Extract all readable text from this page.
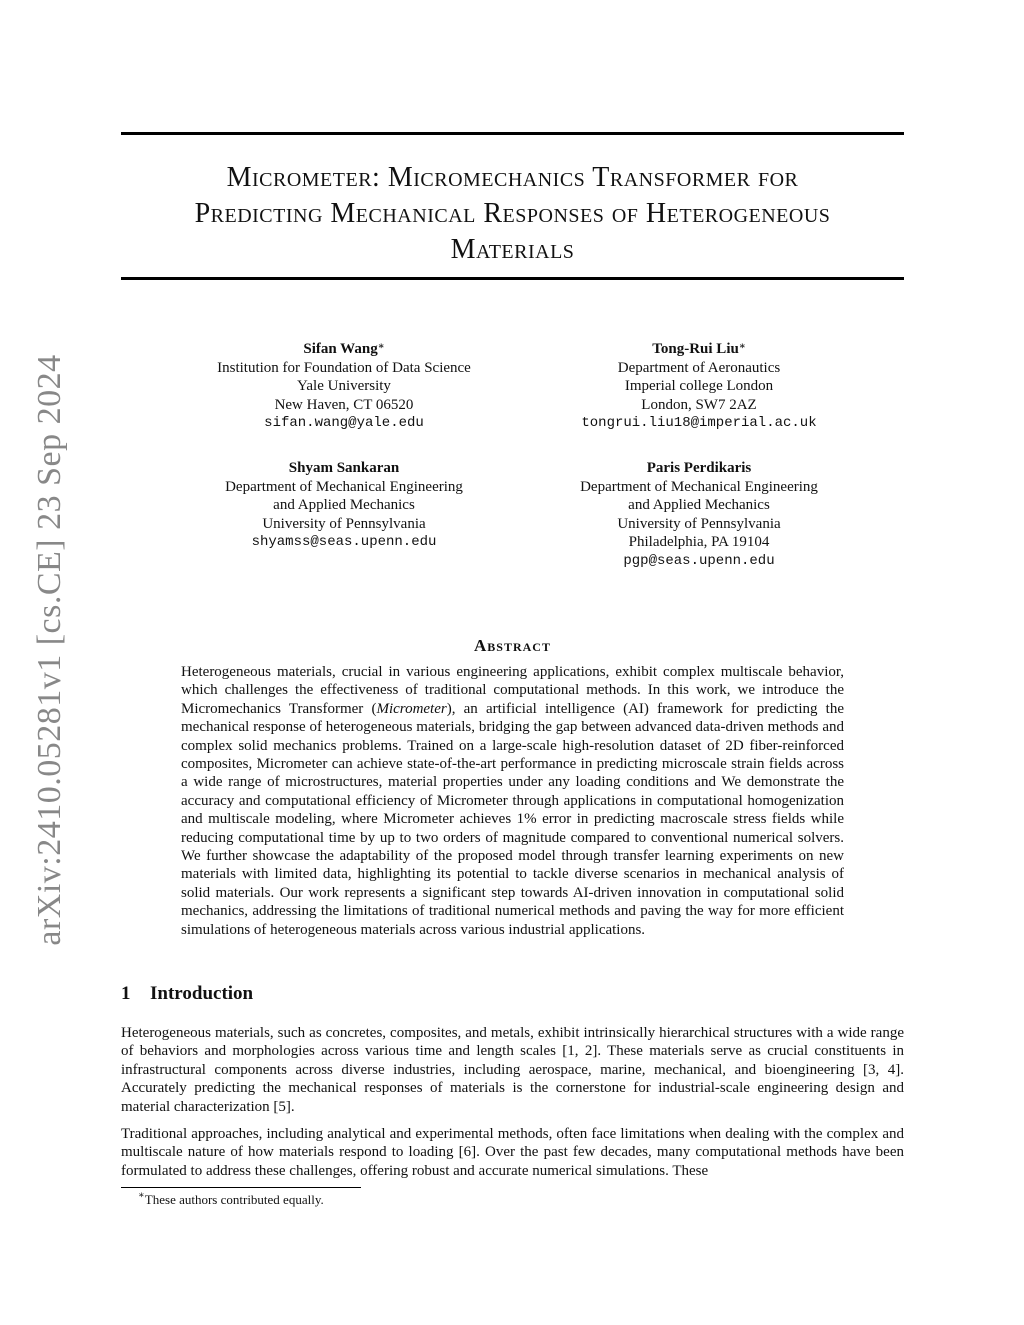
arXiv:2410.05281v1 [cs.CE] 23 Sep 2024
Micrometer: Micromechanics Transformer for
Predicting Mechanical Responses of Heterogeneous
Materials
Sifan Wang∗
Institution for Foundation of Data Science
Yale University
New Haven, CT 06520
sifan.wang@yale.edu
Tong-Rui Liu∗
Department of Aeronautics
Imperial college London
London, SW7 2AZ
tongrui.liu18@imperial.ac.uk
Shyam Sankaran
Department of Mechanical Engineering
and Applied Mechanics
University of Pennsylvania
shyamss@seas.upenn.edu
Paris Perdikaris
Department of Mechanical Engineering
and Applied Mechanics
University of Pennsylvania
Philadelphia, PA 19104
pgp@seas.upenn.edu
Abstract
Heterogeneous materials, crucial in various engineering applications, exhibit complex multiscale behavior, which challenges the effectiveness of traditional computational methods. In this work, we introduce the Micromechanics Transformer (Micrometer), an artificial intelligence (AI) framework for predicting the mechanical response of heterogeneous materials, bridging the gap between advanced data-driven methods and complex solid mechanics problems. Trained on a large-scale high-resolution dataset of 2D fiber-reinforced composites, Micrometer can achieve state-of-the-art performance in predicting microscale strain fields across a wide range of microstructures, material properties under any loading conditions and We demonstrate the accuracy and computational efficiency of Micrometer through applications in computational homogenization and multiscale modeling, where Micrometer achieves 1% error in predicting macroscale stress fields while reducing computational time by up to two orders of magnitude compared to conventional numerical solvers. We further showcase the adaptability of the proposed model through transfer learning experiments on new materials with limited data, highlighting its potential to tackle diverse scenarios in mechanical analysis of solid materials. Our work represents a significant step towards AI-driven innovation in computational solid mechanics, addressing the limitations of traditional numerical methods and paving the way for more efficient simulations of heterogeneous materials across various industrial applications.
1 Introduction
Heterogeneous materials, such as concretes, composites, and metals, exhibit intrinsically hierarchical structures with a wide range of behaviors and morphologies across various time and length scales [1, 2]. These materials serve as crucial constituents in infrastructural components across diverse industries, including aerospace, marine, mechanical, and bioengineering [3, 4]. Accurately predicting the mechanical responses of materials is the cornerstone for industrial-scale engineering design and material characterization [5].
Traditional approaches, including analytical and experimental methods, often face limitations when dealing with the complex and multiscale nature of how materials respond to loading [6]. Over the past few decades, many computational methods have been formulated to address these challenges, offering robust and accurate numerical simulations. These
∗These authors contributed equally.
